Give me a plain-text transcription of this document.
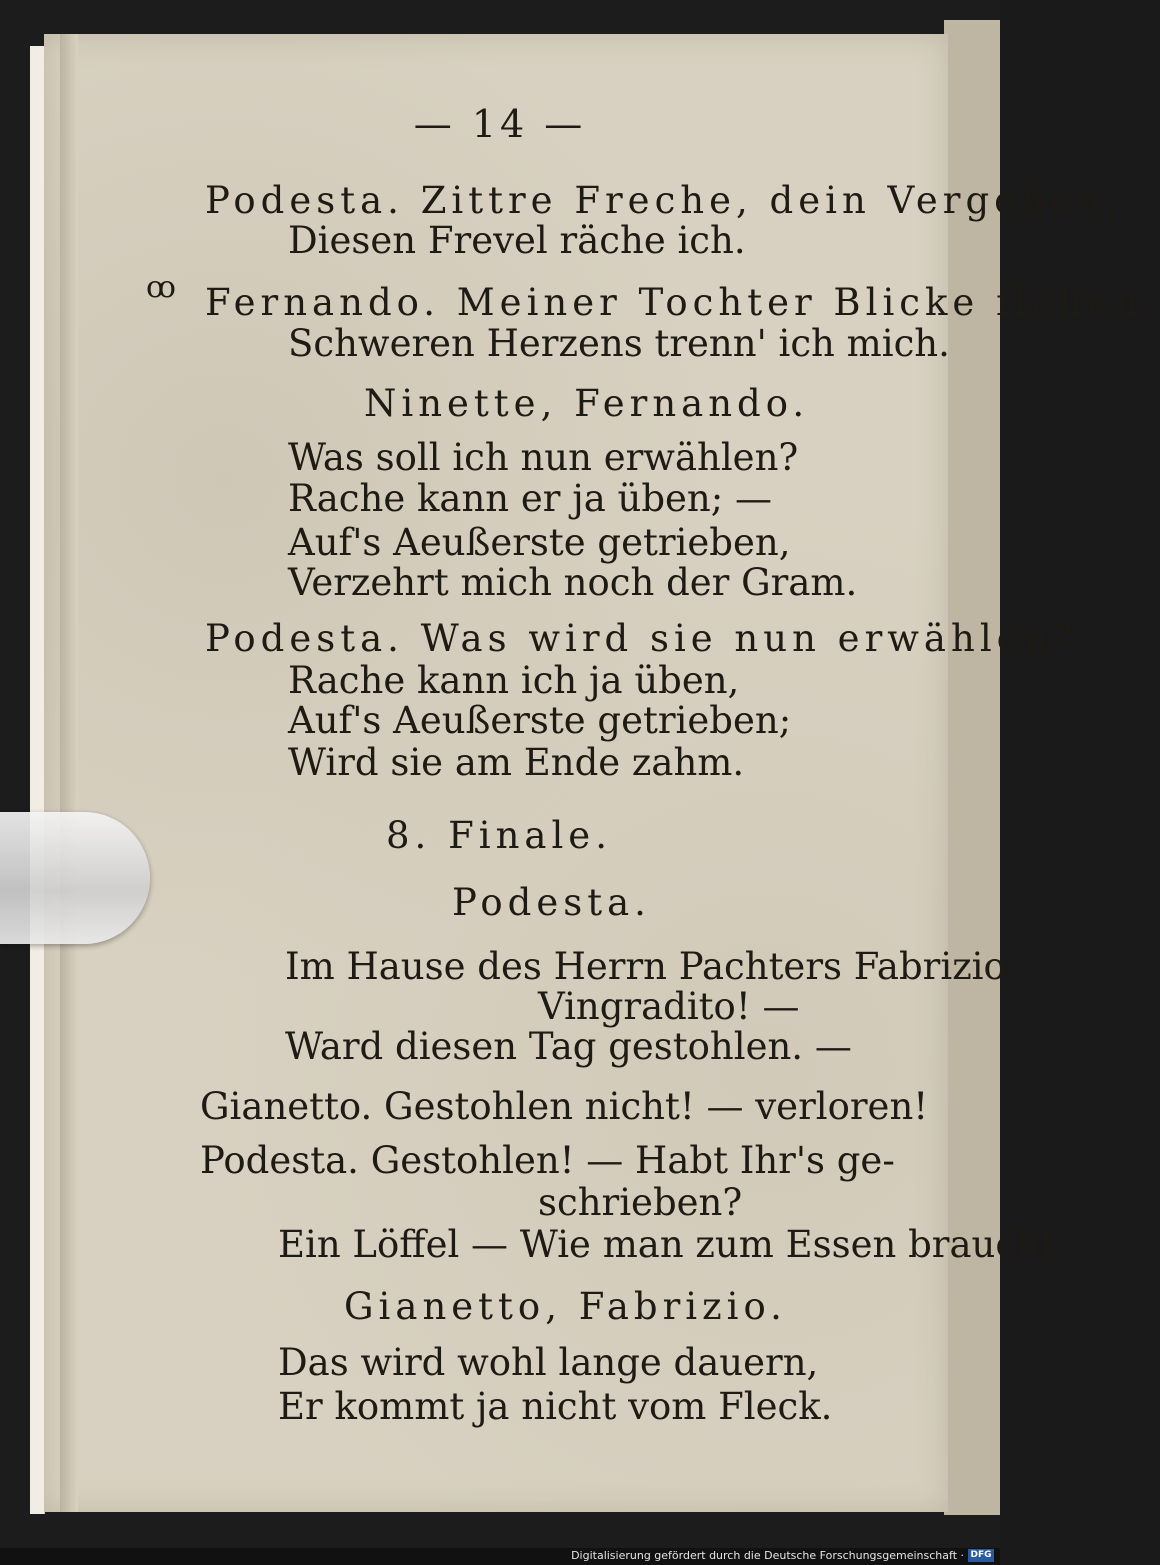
— 14 —
ꝏ
Podesta. Zittre Freche, dein Vergehen,
Diesen Frevel räche ich.
Fernando. Meiner Tochter Blicke flehen,
Schweren Herzens trenn' ich mich.
Ninette, Fernando.
Was soll ich nun erwählen?
Rache kann er ja üben; —
Auf's Aeußerste getrieben,
Verzehrt mich noch der Gram.
Podesta. Was wird sie nun erwählen?
Rache kann ich ja üben,
Auf's Aeußerste getrieben;
Wird sie am Ende zahm.
8. Finale.
Podesta.
Im Hause des Herrn Pachters Fabrizio
Vingradito! —
Ward diesen Tag gestohlen. —
Gianetto. Gestohlen nicht! — verloren!
Podesta. Gestohlen! — Habt Ihr's ge-
schrieben?
Ein Löffel — Wie man zum Essen braucht.
Gianetto, Fabrizio.
Das wird wohl lange dauern,
Er kommt ja nicht vom Fleck.
Digitalisierung gefördert durch die Deutsche Forschungsgemeinschaft · DFG
